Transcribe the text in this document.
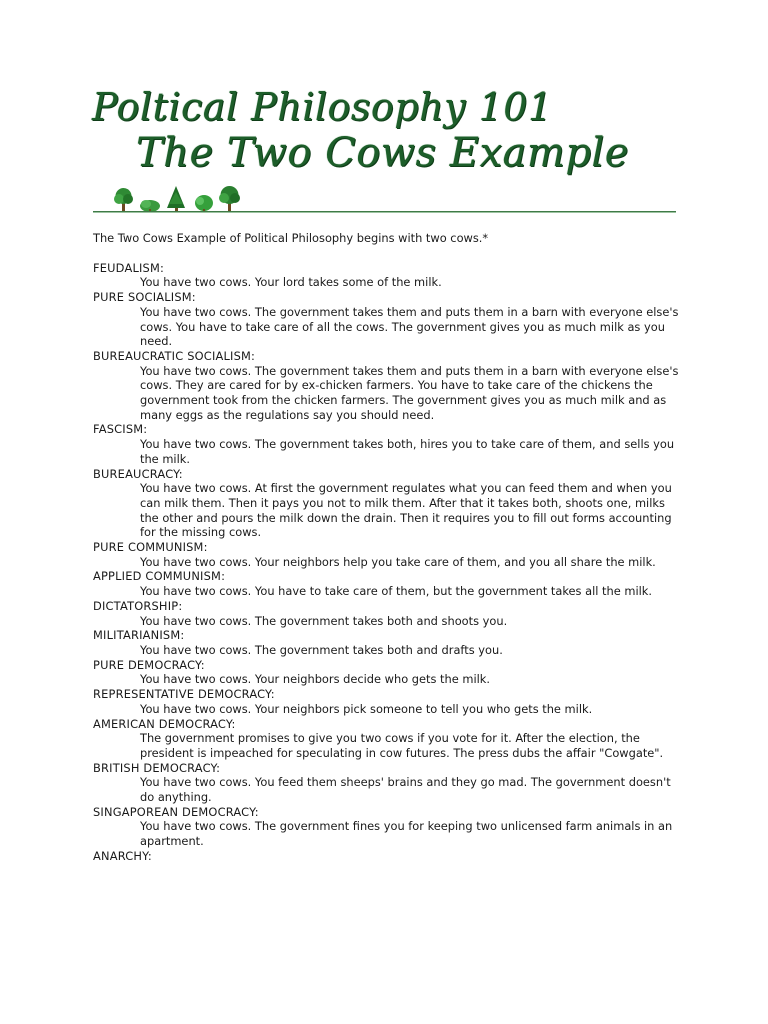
Poltical Philosophy 101
The Two Cows Example

The Two Cows Example of Political Philosophy begins with two cows.*

FEUDALISM:

You have two cows. Your lord takes some of the milk.

PURE SOCIALISM:

You have two cows. The government takes them and puts them in a barn with everyone else's cows. You have to take care of all the cows. The government gives you as much milk as you need.

BUREAUCRATIC SOCIALISM:

You have two cows. The government takes them and puts them in a barn with everyone else's cows. They are cared for by ex-chicken farmers. You have to take care of the chickens the government took from the chicken farmers. The government gives you as much milk and as many eggs as the regulations say you should need.

FASCISM:

You have two cows. The government takes both, hires you to take care of them, and sells you the milk.

BUREAUCRACY:

You have two cows. At first the government regulates what you can feed them and when you can milk them. Then it pays you not to milk them. After that it takes both, shoots one, milks the other and pours the milk down the drain. Then it requires you to fill out forms accounting for the missing cows.

PURE COMMUNISM:

You have two cows. Your neighbors help you take care of them, and you all share the milk.

APPLIED COMMUNISM:

You have two cows. You have to take care of them, but the government takes all the milk.

DICTATORSHIP:

You have two cows. The government takes both and shoots you.

MILITARIANISM:

You have two cows. The government takes both and drafts you.

PURE DEMOCRACY:

You have two cows. Your neighbors decide who gets the milk.

REPRESENTATIVE DEMOCRACY:

You have two cows. Your neighbors pick someone to tell you who gets the milk.

AMERICAN DEMOCRACY:

The government promises to give you two cows if you vote for it. After the election, the president is impeached for speculating in cow futures. The press dubs the affair "Cowgate".

BRITISH DEMOCRACY:

You have two cows. You feed them sheeps' brains and they go mad. The government doesn't do anything.

SINGAPOREAN DEMOCRACY:

You have two cows. The government fines you for keeping two unlicensed farm animals in an apartment.

ANARCHY:
